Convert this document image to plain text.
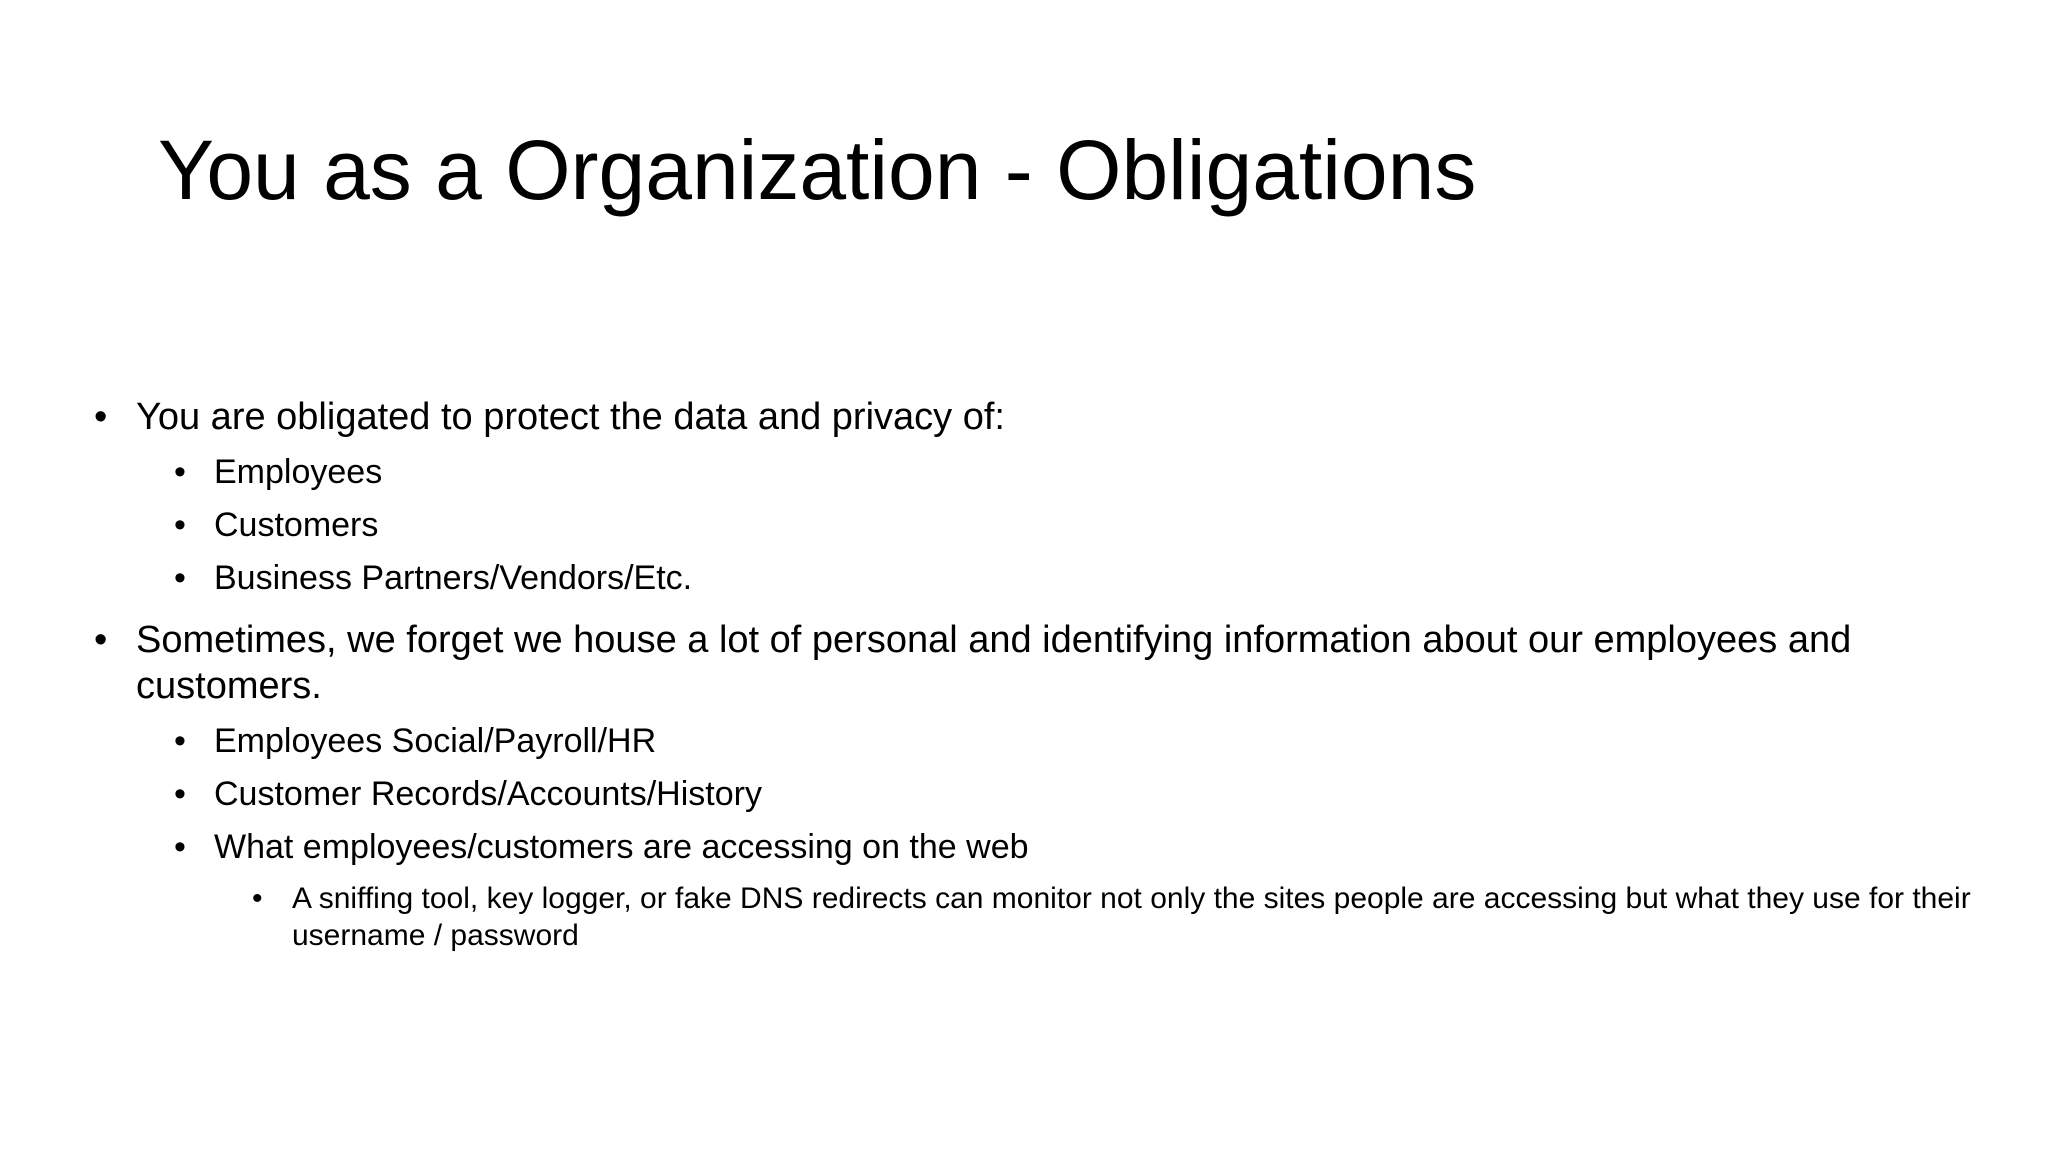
You as a Organization - Obligations
• You are obligated to protect the data and privacy of:
• Employees
• Customers
• Business Partners/Vendors/Etc.
• Sometimes, we forget we house a lot of personal and identifying information about our employees and customers.
• Employees Social/Payroll/HR
• Customer Records/Accounts/History
• What employees/customers are accessing on the web
• A sniffing tool, key logger, or fake DNS redirects can monitor not only the sites people are accessing but what they use for their username / password
